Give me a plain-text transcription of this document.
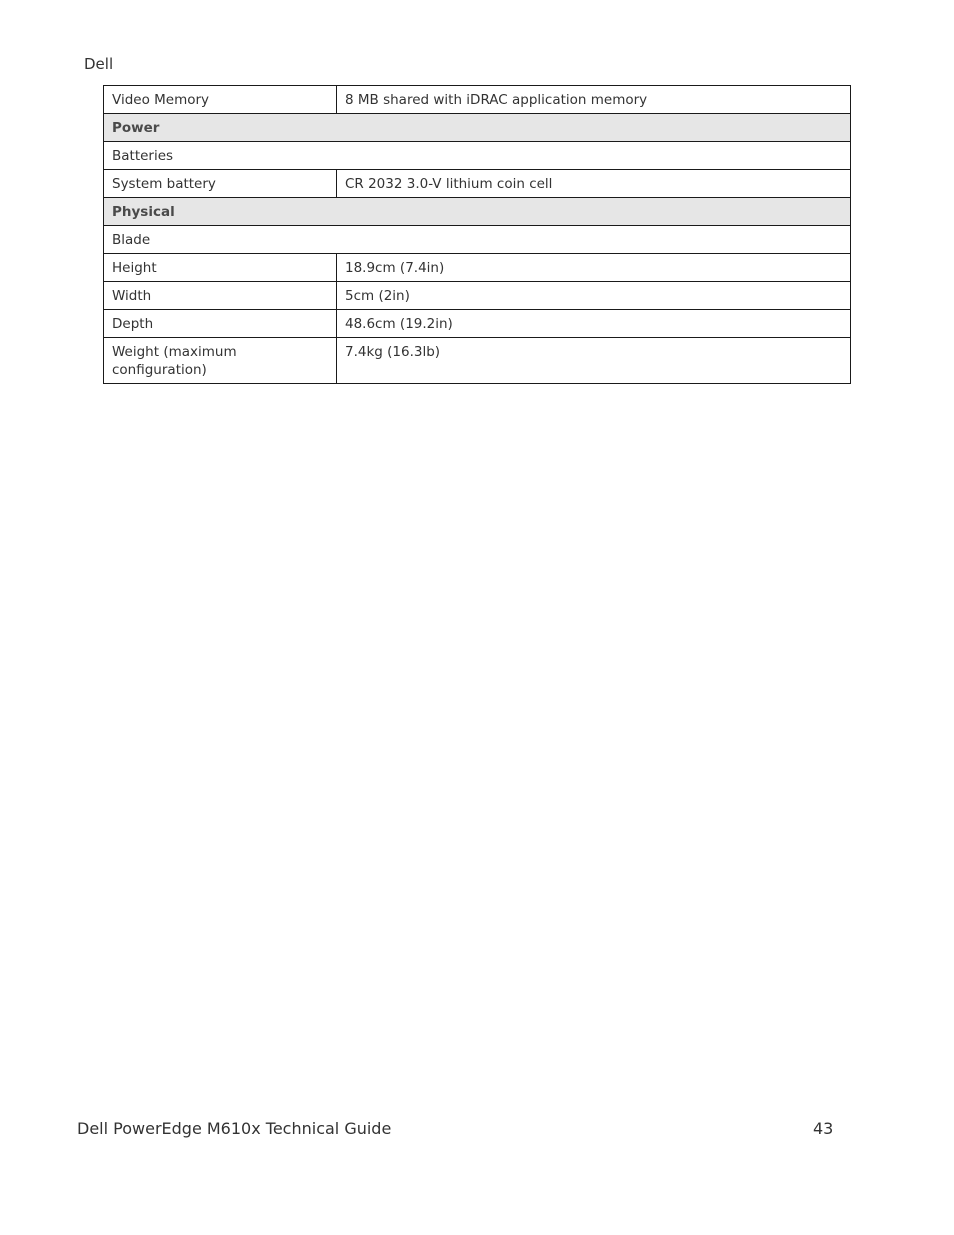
Dell
Video Memory	8 MB shared with iDRAC application memory
Power	
Batteries	
System battery	CR 2032 3.0-V lithium coin cell
Physical	
Blade	
Height	18.9cm (7.4in)
Width	5cm (2in)
Depth	48.6cm (19.2in)
Weight (maximum configuration)	7.4kg (16.3lb)
Dell PowerEdge M610x Technical Guide	43
